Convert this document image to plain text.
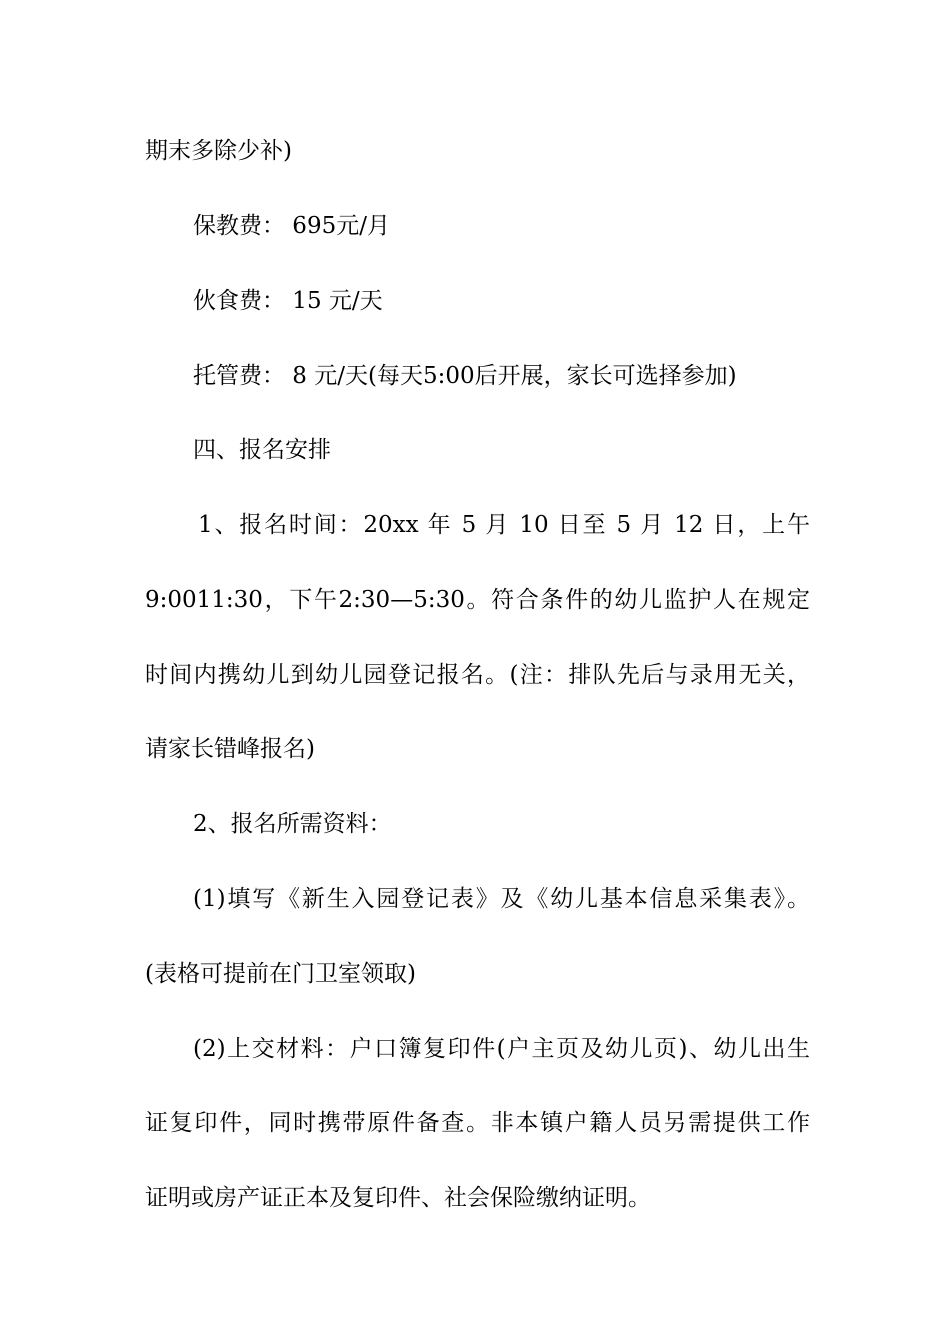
期末多除少补)
保教费： 695元/月
伙食费： 15 元/天
托管费： 8 元/天(每天5:00后开展，家长可选择参加)
四、报名安排
1、报名时间：20xx 年 5 月 10 日至 5 月 12 日，上午
9:0011:30，下午2:30—5:30。符合条件的幼儿监护人在规定
时间内携幼儿到幼儿园登记报名。(注：排队先后与录用无关，
请家长错峰报名)
2、报名所需资料：
(1)填写《新生入园登记表》及《幼儿基本信息采集表》。
(表格可提前在门卫室领取)
(2)上交材料：户口簿复印件(户主页及幼儿页)、幼儿出生
证复印件，同时携带原件备查。非本镇户籍人员另需提供工作
证明或房产证正本及复印件、社会保险缴纳证明。
